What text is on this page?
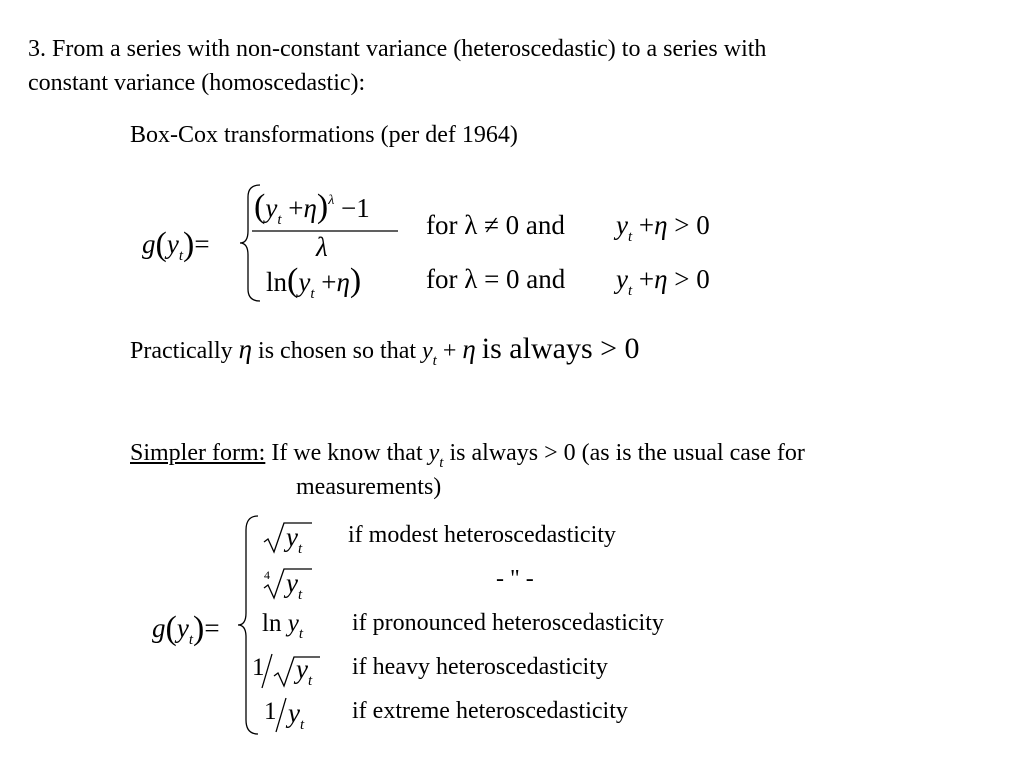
3. From a series with non-constant variance (heteroscedastic) to a series with
constant variance (homoscedastic):
Box-Cox transformations (per def 1964)
$g(y_t)=$
$(y_t +\eta)^\lambda -1$
λ
for λ ≠ 0 and $y_t +\eta > 0$
$\ln(y_t +\eta)$ for λ = 0 and $y_t +\eta > 0$
Practically η is chosen so that $y_t + \eta$ is always > 0
Simpler form: If we know that $y_t$ is always > 0 (as is the usual case for
measurements)
$g(y_t)=$
$y_t$
if modest heteroscedasticity
4 $y_t$
- " -
$\ln y_t$ if pronounced heteroscedasticity
1 $y_t$
if heavy heteroscedasticity
1 $y_t$
if extreme heteroscedasticity
